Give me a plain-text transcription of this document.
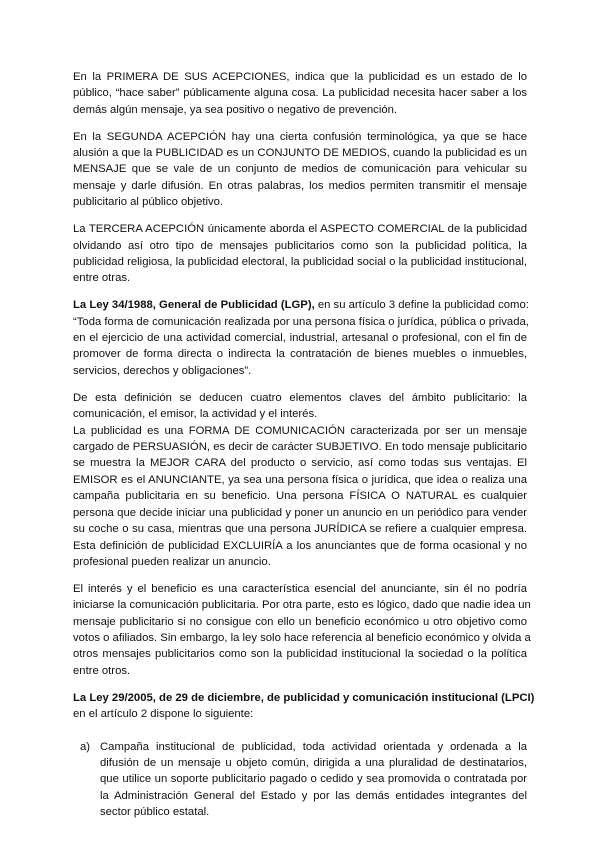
En la PRIMERA DE SUS ACEPCIONES, indica que la publicidad es un estado de lo
público, “hace saber” públicamente alguna cosa. La publicidad necesita hacer saber a los
demás algún mensaje, ya sea positivo o negativo de prevención.

En la SEGUNDA ACEPCIÓN hay una cierta confusión terminológica, ya que se hace
alusión a que la PUBLICIDAD es un CONJUNTO DE MEDIOS, cuando la publicidad es un
MENSAJE que se vale de un conjunto de medios de comunicación para vehicular su
mensaje y darle difusión. En otras palabras, los medios permiten transmitir el mensaje
publicitario al público objetivo.

La TERCERA ACEPCIÓN únicamente aborda el ASPECTO COMERCIAL de la publicidad
olvidando así otro tipo de mensajes publicitarios como son la publicidad política, la
publicidad religiosa, la publicidad electoral, la publicidad social o la publicidad institucional,
entre otras.

La Ley 34/1988, General de Publicidad (LGP), en su artículo 3 define la publicidad como:
“Toda forma de comunicación realizada por una persona física o jurídica, pública o privada,
en el ejercicio de una actividad comercial, industrial, artesanal o profesional, con el fin de
promover de forma directa o indirecta la contratación de bienes muebles o inmuebles,
servicios, derechos y obligaciones”.

De esta definición se deducen cuatro elementos claves del ámbito publicitario: la
comunicación, el emisor, la actividad y el interés.

La publicidad es una FORMA DE COMUNICACIÓN caracterizada por ser un mensaje
cargado de PERSUASIÓN, es decir de carácter SUBJETIVO. En todo mensaje publicitario
se muestra la MEJOR CARA del producto o servicio, así como todas sus ventajas. El
EMISOR es el ANUNCIANTE, ya sea una persona física o jurídica, que idea o realiza una
campaña publicitaria en su beneficio. Una persona FÍSICA O NATURAL es cualquier
persona que decide iniciar una publicidad y poner un anuncio en un periódico para vender
su coche o su casa, mientras que una persona JURÍDICA se refiere a cualquier empresa.
Esta definición de publicidad EXCLUIRÍA a los anunciantes que de forma ocasional y no
profesional pueden realizar un anuncio.

El interés y el beneficio es una característica esencial del anunciante, sin él no podría
iniciarse la comunicación publicitaria. Por otra parte, esto es lógico, dado que nadie idea un
mensaje publicitario si no consigue con ello un beneficio económico u otro objetivo como
votos o afiliados. Sin embargo, la ley solo hace referencia al beneficio económico y olvida a
otros mensajes publicitarios como son la publicidad institucional la sociedad o la política
entre otros.

La Ley 29/2005, de 29 de diciembre, de publicidad y comunicación institucional (LPCI)
en el artículo 2 dispone lo siguiente:

a) Campaña institucional de publicidad, toda actividad orientada y ordenada a la
difusión de un mensaje u objeto común, dirigida a una pluralidad de destinatarios,
que utilice un soporte publicitario pagado o cedido y sea promovida o contratada por
la Administración General del Estado y por las demás entidades integrantes del
sector público estatal.
